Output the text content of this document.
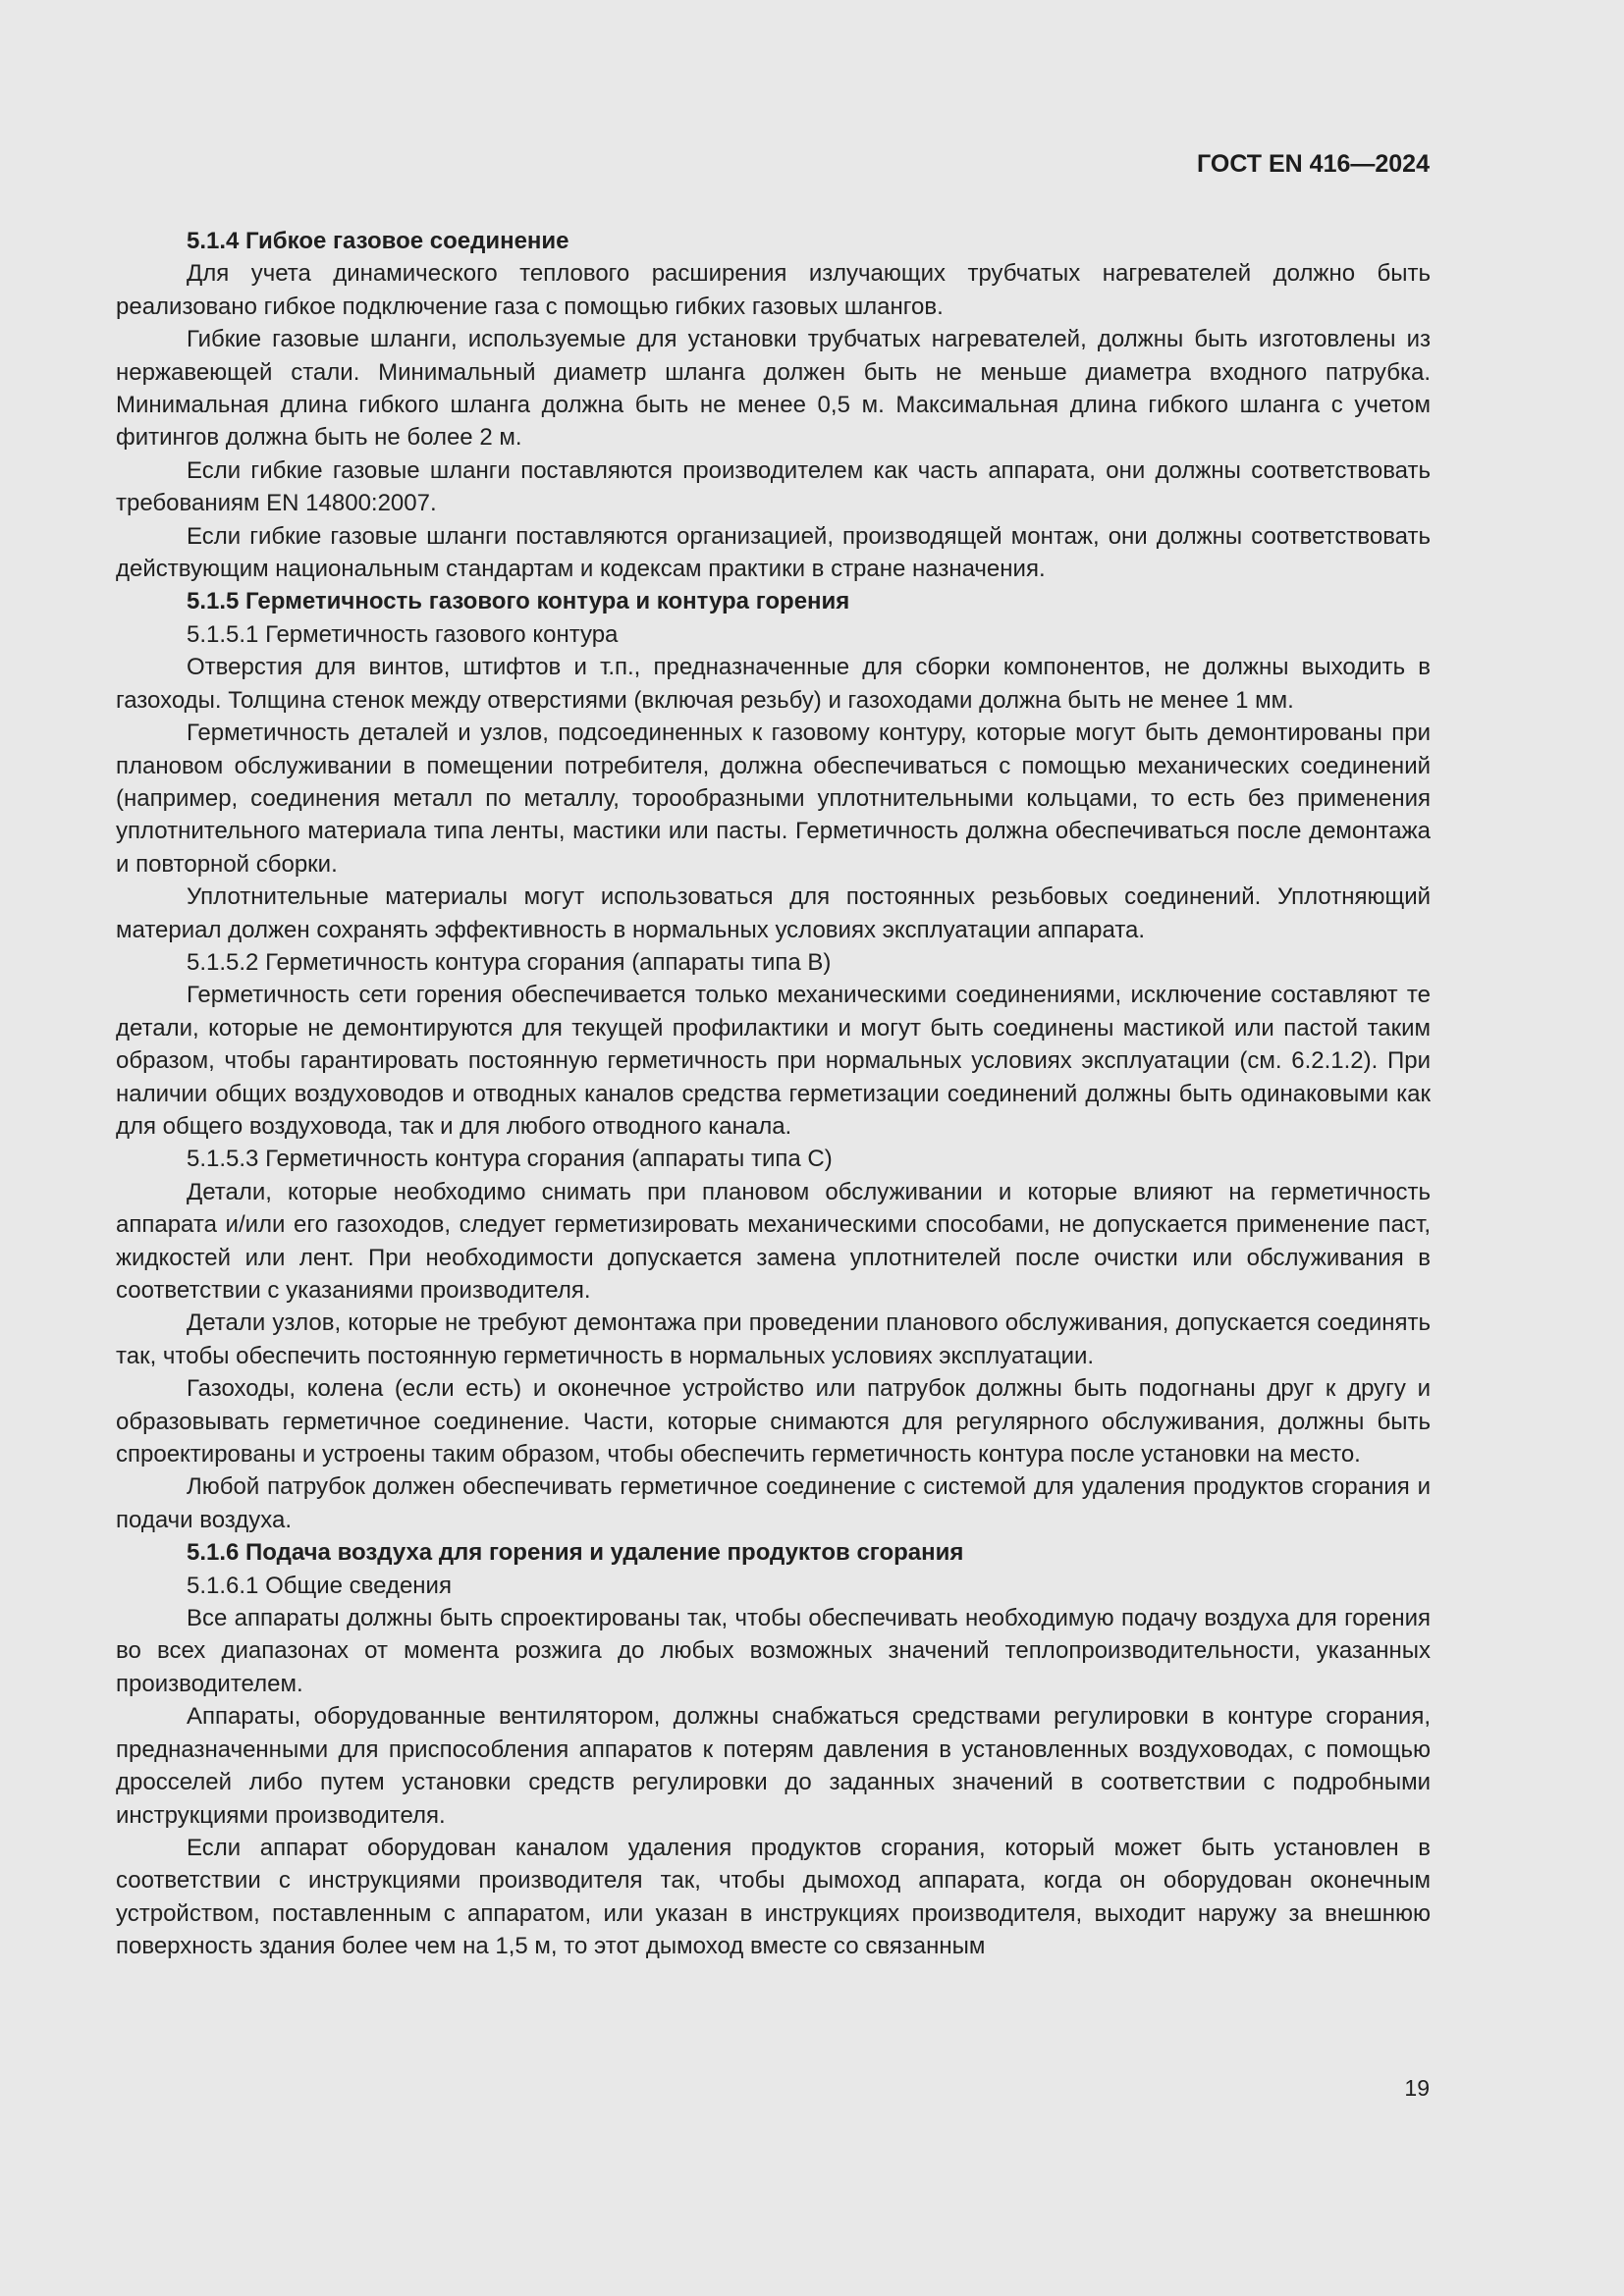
ГОСТ EN 416—2024

5.1.4 Гибкое газовое соединение

Для учета динамического теплового расширения излучающих трубчатых нагревателей должно быть реализовано гибкое подключение газа с помощью гибких газовых шлангов.

Гибкие газовые шланги, используемые для установки трубчатых нагревателей, должны быть изготовлены из нержавеющей стали. Минимальный диаметр шланга должен быть не меньше диаметра входного патрубка. Минимальная длина гибкого шланга должна быть не менее 0,5 м. Максимальная длина гибкого шланга с учетом фитингов должна быть не более 2 м.

Если гибкие газовые шланги поставляются производителем как часть аппарата, они должны соответствовать требованиям EN 14800:2007.

Если гибкие газовые шланги поставляются организацией, производящей монтаж, они должны соответствовать действующим национальным стандартам и кодексам практики в стране назначения.

5.1.5 Герметичность газового контура и контура горения

5.1.5.1 Герметичность газового контура

Отверстия для винтов, штифтов и т.п., предназначенные для сборки компонентов, не должны выходить в газоходы. Толщина стенок между отверстиями (включая резьбу) и газоходами должна быть не менее 1 мм.

Герметичность деталей и узлов, подсоединенных к газовому контуру, которые могут быть демонтированы при плановом обслуживании в помещении потребителя, должна обеспечиваться с помощью механических соединений (например, соединения металл по металлу, торообразными уплотнительными кольцами, то есть без применения уплотнительного материала типа ленты, мастики или пасты. Герметичность должна обеспечиваться после демонтажа и повторной сборки.

Уплотнительные материалы могут использоваться для постоянных резьбовых соединений. Уплотняющий материал должен сохранять эффективность в нормальных условиях эксплуатации аппарата.

5.1.5.2 Герметичность контура сгорания (аппараты типа B)

Герметичность сети горения обеспечивается только механическими соединениями, исключение составляют те детали, которые не демонтируются для текущей профилактики и могут быть соединены мастикой или пастой таким образом, чтобы гарантировать постоянную герметичность при нормальных условиях эксплуатации (см. 6.2.1.2). При наличии общих воздуховодов и отводных каналов средства герметизации соединений должны быть одинаковыми как для общего воздуховода, так и для любого отводного канала.

5.1.5.3 Герметичность контура сгорания (аппараты типа C)

Детали, которые необходимо снимать при плановом обслуживании и которые влияют на герметичность аппарата и/или его газоходов, следует герметизировать механическими способами, не допускается применение паст, жидкостей или лент. При необходимости допускается замена уплотнителей после очистки или обслуживания в соответствии с указаниями производителя.

Детали узлов, которые не требуют демонтажа при проведении планового обслуживания, допускается соединять так, чтобы обеспечить постоянную герметичность в нормальных условиях эксплуатации.

Газоходы, колена (если есть) и оконечное устройство или патрубок должны быть подогнаны друг к другу и образовывать герметичное соединение. Части, которые снимаются для регулярного обслуживания, должны быть спроектированы и устроены таким образом, чтобы обеспечить герметичность контура после установки на место.

Любой патрубок должен обеспечивать герметичное соединение с системой для удаления продуктов сгорания и подачи воздуха.

5.1.6 Подача воздуха для горения и удаление продуктов сгорания

5.1.6.1 Общие сведения

Все аппараты должны быть спроектированы так, чтобы обеспечивать необходимую подачу воздуха для горения во всех диапазонах от момента розжига до любых возможных значений теплопроизводительности, указанных производителем.

Аппараты, оборудованные вентилятором, должны снабжаться средствами регулировки в контуре сгорания, предназначенными для приспособления аппаратов к потерям давления в установленных воздуховодах, с помощью дросселей либо путем установки средств регулировки до заданных значений в соответствии с подробными инструкциями производителя.

Если аппарат оборудован каналом удаления продуктов сгорания, который может быть установлен в соответствии с инструкциями производителя так, чтобы дымоход аппарата, когда он оборудован оконечным устройством, поставленным с аппаратом, или указан в инструкциях производителя, выходит наружу за внешнюю поверхность здания более чем на 1,5 м, то этот дымоход вместе со связанным

19
